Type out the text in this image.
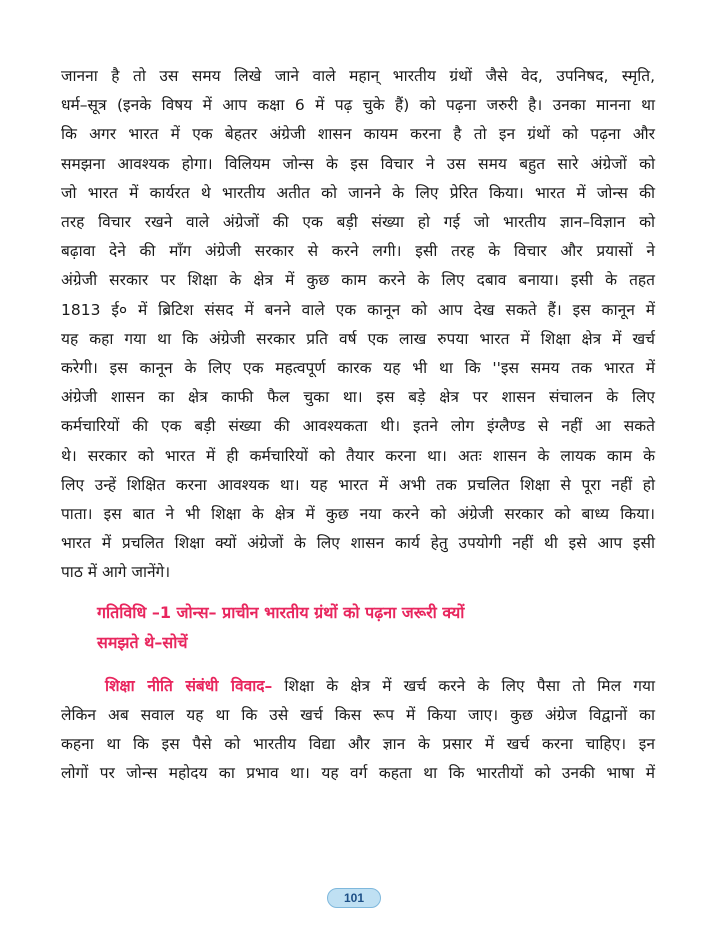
जानना है तो उस समय लिखे जाने वाले महान् भारतीय ग्रंथों जैसे वेद, उपनिषद, स्मृति,
धर्म–सूत्र (इनके विषय में आप कक्षा 6 में पढ़ चुके हैं) को पढ़ना जरुरी है। उनका मानना था
कि अगर भारत में एक बेहतर अंग्रेजी शासन कायम करना है तो इन ग्रंथों को पढ़ना और
समझना आवश्यक होगा। विलियम जोन्स के इस विचार ने उस समय बहुत सारे अंग्रेजों को
जो भारत में कार्यरत थे भारतीय अतीत को जानने के लिए प्रेरित किया। भारत में जोन्स की
तरह विचार रखने वाले अंग्रेजों की एक बड़ी संख्या हो गई जो भारतीय ज्ञान–विज्ञान को
बढ़ावा देने की माँग अंग्रेजी सरकार से करने लगी। इसी तरह के विचार और प्रयासों ने
अंग्रेजी सरकार पर शिक्षा के क्षेत्र में कुछ काम करने के लिए दबाव बनाया। इसी के तहत
1813 ई० में ब्रिटिश संसद में बनने वाले एक कानून को आप देख सकते हैं। इस कानून में
यह कहा गया था कि अंग्रेजी सरकार प्रति वर्ष एक लाख रुपया भारत में शिक्षा क्षेत्र में खर्च
करेगी। इस कानून के लिए एक महत्वपूर्ण कारक यह भी था कि ''इस समय तक भारत में
अंग्रेजी शासन का क्षेत्र काफी फैल चुका था। इस बड़े क्षेत्र पर शासन संचालन के लिए
कर्मचारियों की एक बड़ी संख्या की आवश्यकता थी। इतने लोग इंग्लैण्ड से नहीं आ सकते
थे। सरकार को भारत में ही कर्मचारियों को तैयार करना था। अतः शासन के लायक काम के
लिए उन्हें शिक्षित करना आवश्यक था। यह भारत में अभी तक प्रचलित शिक्षा से पूरा नहीं हो
पाता। इस बात ने भी शिक्षा के क्षेत्र में कुछ नया करने को अंग्रेजी सरकार को बाध्य किया।
भारत में प्रचलित शिक्षा क्यों अंग्रेजों के लिए शासन कार्य हेतु उपयोगी नहीं थी इसे आप इसी
पाठ में आगे जानेंगे।
गतिविधि –1 जोन्स– प्राचीन भारतीय ग्रंथों को पढ़ना जरूरी क्यों
समझते थे–सोचें
शिक्षा नीति संबंधी विवाद– शिक्षा के क्षेत्र में खर्च करने के लिए पैसा तो मिल गया
लेकिन अब सवाल यह था कि उसे खर्च किस रूप में किया जाए। कुछ अंग्रेज विद्वानों का
कहना था कि इस पैसे को भारतीय विद्या और ज्ञान के प्रसार में खर्च करना चाहिए। इन
लोगों पर जोन्स महोदय का प्रभाव था। यह वर्ग कहता था कि भारतीयों को उनकी भाषा में
101
